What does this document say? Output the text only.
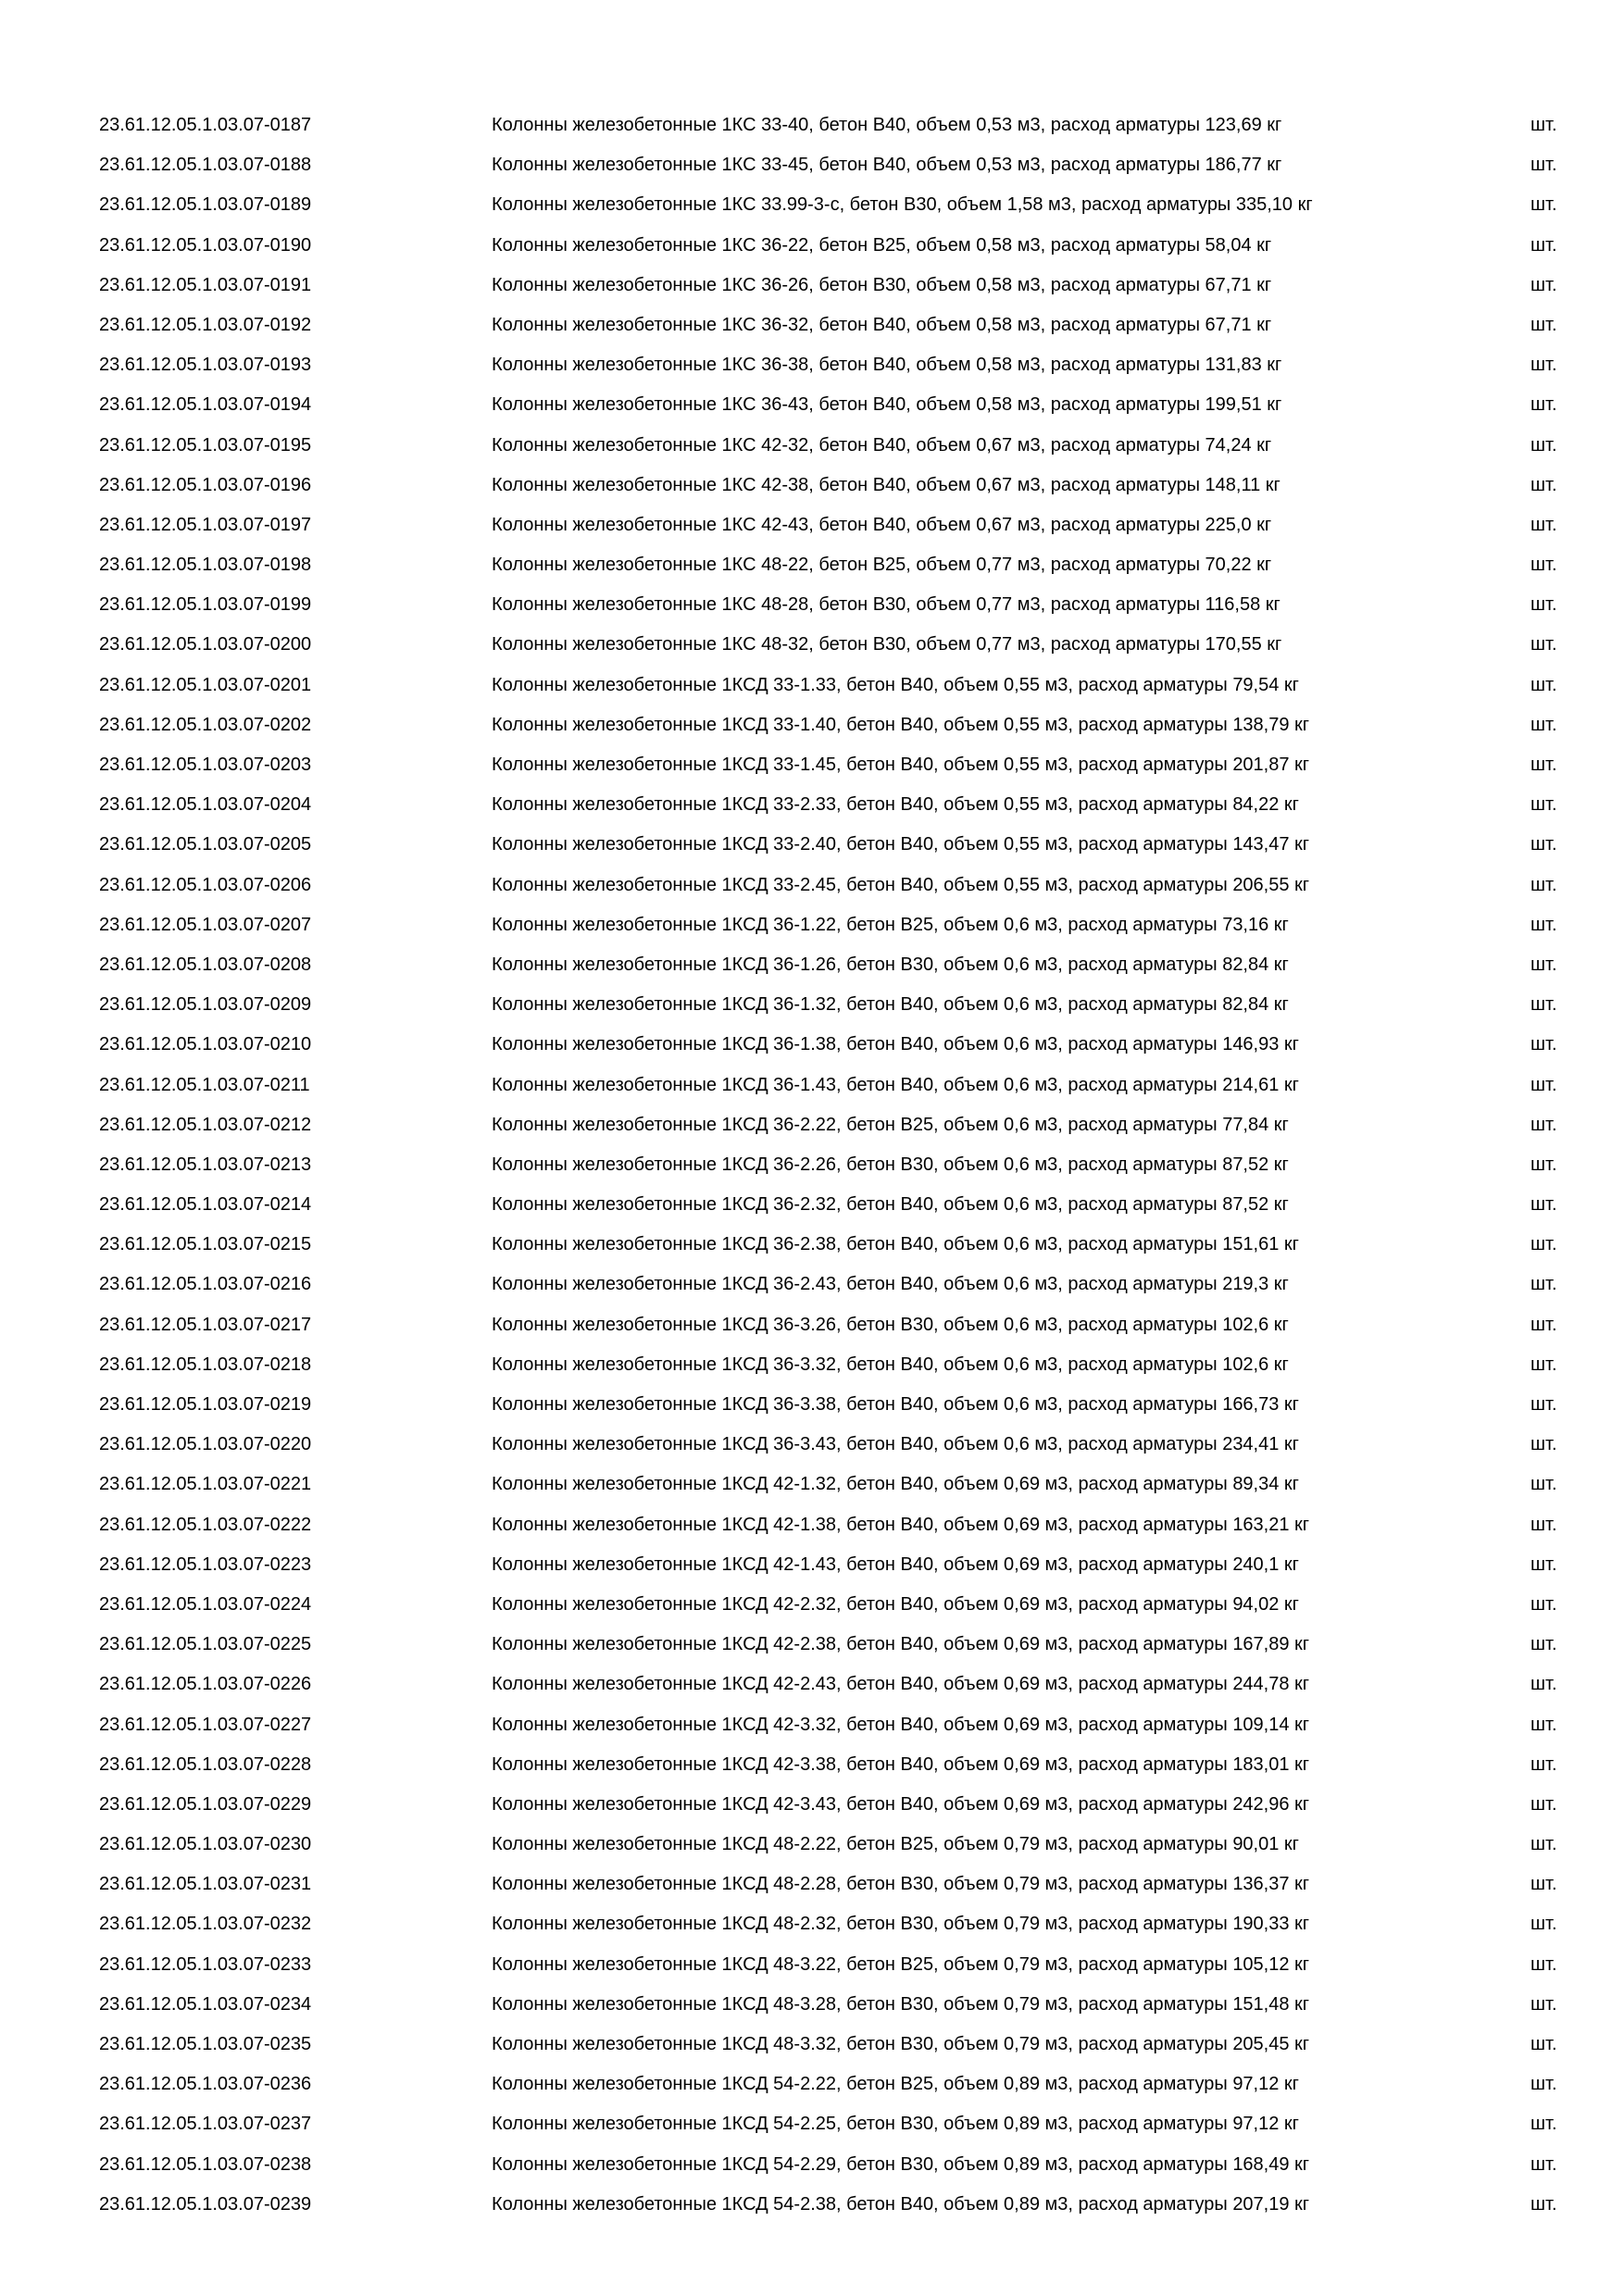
23.61.12.05.1.03.07-0187	Колонны железобетонные 1КС 33-40, бетон В40, объем 0,53 м3, расход арматуры 123,69 кг	шт.
23.61.12.05.1.03.07-0188	Колонны железобетонные 1КС 33-45, бетон В40, объем 0,53 м3, расход арматуры 186,77 кг	шт.
23.61.12.05.1.03.07-0189	Колонны железобетонные 1КС 33.99-3-с, бетон В30, объем 1,58 м3, расход арматуры 335,10 кг	шт.
23.61.12.05.1.03.07-0190	Колонны железобетонные 1КС 36-22, бетон В25, объем 0,58 м3, расход арматуры 58,04 кг	шт.
23.61.12.05.1.03.07-0191	Колонны железобетонные 1КС 36-26, бетон В30, объем 0,58 м3, расход арматуры 67,71 кг	шт.
23.61.12.05.1.03.07-0192	Колонны железобетонные 1КС 36-32, бетон В40, объем 0,58 м3, расход арматуры 67,71 кг	шт.
23.61.12.05.1.03.07-0193	Колонны железобетонные 1КС 36-38, бетон В40, объем 0,58 м3, расход арматуры 131,83 кг	шт.
23.61.12.05.1.03.07-0194	Колонны железобетонные 1КС 36-43, бетон В40, объем 0,58 м3, расход арматуры 199,51 кг	шт.
23.61.12.05.1.03.07-0195	Колонны железобетонные 1КС 42-32, бетон В40, объем 0,67 м3, расход арматуры 74,24 кг	шт.
23.61.12.05.1.03.07-0196	Колонны железобетонные 1КС 42-38, бетон В40, объем 0,67 м3, расход арматуры 148,11 кг	шт.
23.61.12.05.1.03.07-0197	Колонны железобетонные 1КС 42-43, бетон В40, объем 0,67 м3, расход арматуры 225,0 кг	шт.
23.61.12.05.1.03.07-0198	Колонны железобетонные 1КС 48-22, бетон В25, объем 0,77 м3, расход арматуры 70,22 кг	шт.
23.61.12.05.1.03.07-0199	Колонны железобетонные 1КС 48-28, бетон В30, объем 0,77 м3, расход арматуры 116,58 кг	шт.
23.61.12.05.1.03.07-0200	Колонны железобетонные 1КС 48-32, бетон В30, объем 0,77 м3, расход арматуры 170,55 кг	шт.
23.61.12.05.1.03.07-0201	Колонны железобетонные 1КСД 33-1.33, бетон В40, объем 0,55 м3, расход арматуры 79,54 кг	шт.
23.61.12.05.1.03.07-0202	Колонны железобетонные 1КСД 33-1.40, бетон В40, объем 0,55 м3, расход арматуры 138,79 кг	шт.
23.61.12.05.1.03.07-0203	Колонны железобетонные 1КСД 33-1.45, бетон В40, объем 0,55 м3, расход арматуры 201,87 кг	шт.
23.61.12.05.1.03.07-0204	Колонны железобетонные 1КСД 33-2.33, бетон В40, объем 0,55 м3, расход арматуры 84,22 кг	шт.
23.61.12.05.1.03.07-0205	Колонны железобетонные 1КСД 33-2.40, бетон В40, объем 0,55 м3, расход арматуры 143,47 кг	шт.
23.61.12.05.1.03.07-0206	Колонны железобетонные 1КСД 33-2.45, бетон В40, объем 0,55 м3, расход арматуры 206,55 кг	шт.
23.61.12.05.1.03.07-0207	Колонны железобетонные 1КСД 36-1.22, бетон В25, объем 0,6 м3, расход арматуры 73,16 кг	шт.
23.61.12.05.1.03.07-0208	Колонны железобетонные 1КСД 36-1.26, бетон В30, объем 0,6 м3, расход арматуры 82,84 кг	шт.
23.61.12.05.1.03.07-0209	Колонны железобетонные 1КСД 36-1.32, бетон В40, объем 0,6 м3, расход арматуры 82,84 кг	шт.
23.61.12.05.1.03.07-0210	Колонны железобетонные 1КСД 36-1.38, бетон В40, объем 0,6 м3, расход арматуры 146,93 кг	шт.
23.61.12.05.1.03.07-0211	Колонны железобетонные 1КСД 36-1.43, бетон В40, объем 0,6 м3, расход арматуры 214,61 кг	шт.
23.61.12.05.1.03.07-0212	Колонны железобетонные 1КСД 36-2.22, бетон В25, объем 0,6 м3, расход арматуры 77,84 кг	шт.
23.61.12.05.1.03.07-0213	Колонны железобетонные 1КСД 36-2.26, бетон В30, объем 0,6 м3, расход арматуры 87,52 кг	шт.
23.61.12.05.1.03.07-0214	Колонны железобетонные 1КСД 36-2.32, бетон В40, объем 0,6 м3, расход арматуры 87,52 кг	шт.
23.61.12.05.1.03.07-0215	Колонны железобетонные 1КСД 36-2.38, бетон В40, объем 0,6 м3, расход арматуры 151,61 кг	шт.
23.61.12.05.1.03.07-0216	Колонны железобетонные 1КСД 36-2.43, бетон В40, объем 0,6 м3, расход арматуры 219,3 кг	шт.
23.61.12.05.1.03.07-0217	Колонны железобетонные 1КСД 36-3.26, бетон В30, объем 0,6 м3, расход арматуры 102,6 кг	шт.
23.61.12.05.1.03.07-0218	Колонны железобетонные 1КСД 36-3.32, бетон В40, объем 0,6 м3, расход арматуры 102,6 кг	шт.
23.61.12.05.1.03.07-0219	Колонны железобетонные 1КСД 36-3.38, бетон В40, объем 0,6 м3, расход арматуры 166,73 кг	шт.
23.61.12.05.1.03.07-0220	Колонны железобетонные 1КСД 36-3.43, бетон В40, объем 0,6 м3, расход арматуры 234,41 кг	шт.
23.61.12.05.1.03.07-0221	Колонны железобетонные 1КСД 42-1.32, бетон В40, объем 0,69 м3, расход арматуры 89,34 кг	шт.
23.61.12.05.1.03.07-0222	Колонны железобетонные 1КСД 42-1.38, бетон В40, объем 0,69 м3, расход арматуры 163,21 кг	шт.
23.61.12.05.1.03.07-0223	Колонны железобетонные 1КСД 42-1.43, бетон В40, объем 0,69 м3, расход арматуры 240,1 кг	шт.
23.61.12.05.1.03.07-0224	Колонны железобетонные 1КСД 42-2.32, бетон В40, объем 0,69 м3, расход арматуры 94,02 кг	шт.
23.61.12.05.1.03.07-0225	Колонны железобетонные 1КСД 42-2.38, бетон В40, объем 0,69 м3, расход арматуры 167,89 кг	шт.
23.61.12.05.1.03.07-0226	Колонны железобетонные 1КСД 42-2.43, бетон В40, объем 0,69 м3, расход арматуры 244,78 кг	шт.
23.61.12.05.1.03.07-0227	Колонны железобетонные 1КСД 42-3.32, бетон В40, объем 0,69 м3, расход арматуры 109,14 кг	шт.
23.61.12.05.1.03.07-0228	Колонны железобетонные 1КСД 42-3.38, бетон В40, объем 0,69 м3, расход арматуры 183,01 кг	шт.
23.61.12.05.1.03.07-0229	Колонны железобетонные 1КСД 42-3.43, бетон В40, объем 0,69 м3, расход арматуры 242,96 кг	шт.
23.61.12.05.1.03.07-0230	Колонны железобетонные 1КСД 48-2.22, бетон В25, объем 0,79 м3, расход арматуры 90,01 кг	шт.
23.61.12.05.1.03.07-0231	Колонны железобетонные 1КСД 48-2.28, бетон В30, объем 0,79 м3, расход арматуры 136,37 кг	шт.
23.61.12.05.1.03.07-0232	Колонны железобетонные 1КСД 48-2.32, бетон В30, объем 0,79 м3, расход арматуры 190,33 кг	шт.
23.61.12.05.1.03.07-0233	Колонны железобетонные 1КСД 48-3.22, бетон В25, объем 0,79 м3, расход арматуры 105,12 кг	шт.
23.61.12.05.1.03.07-0234	Колонны железобетонные 1КСД 48-3.28, бетон В30, объем 0,79 м3, расход арматуры 151,48 кг	шт.
23.61.12.05.1.03.07-0235	Колонны железобетонные 1КСД 48-3.32, бетон В30, объем 0,79 м3, расход арматуры 205,45 кг	шт.
23.61.12.05.1.03.07-0236	Колонны железобетонные 1КСД 54-2.22, бетон В25, объем 0,89 м3, расход арматуры 97,12 кг	шт.
23.61.12.05.1.03.07-0237	Колонны железобетонные 1КСД 54-2.25, бетон В30, объем 0,89 м3, расход арматуры 97,12 кг	шт.
23.61.12.05.1.03.07-0238	Колонны железобетонные 1КСД 54-2.29, бетон В30, объем 0,89 м3, расход арматуры 168,49 кг	шт.
23.61.12.05.1.03.07-0239	Колонны железобетонные 1КСД 54-2.38, бетон В40, объем 0,89 м3, расход арматуры 207,19 кг	шт.
